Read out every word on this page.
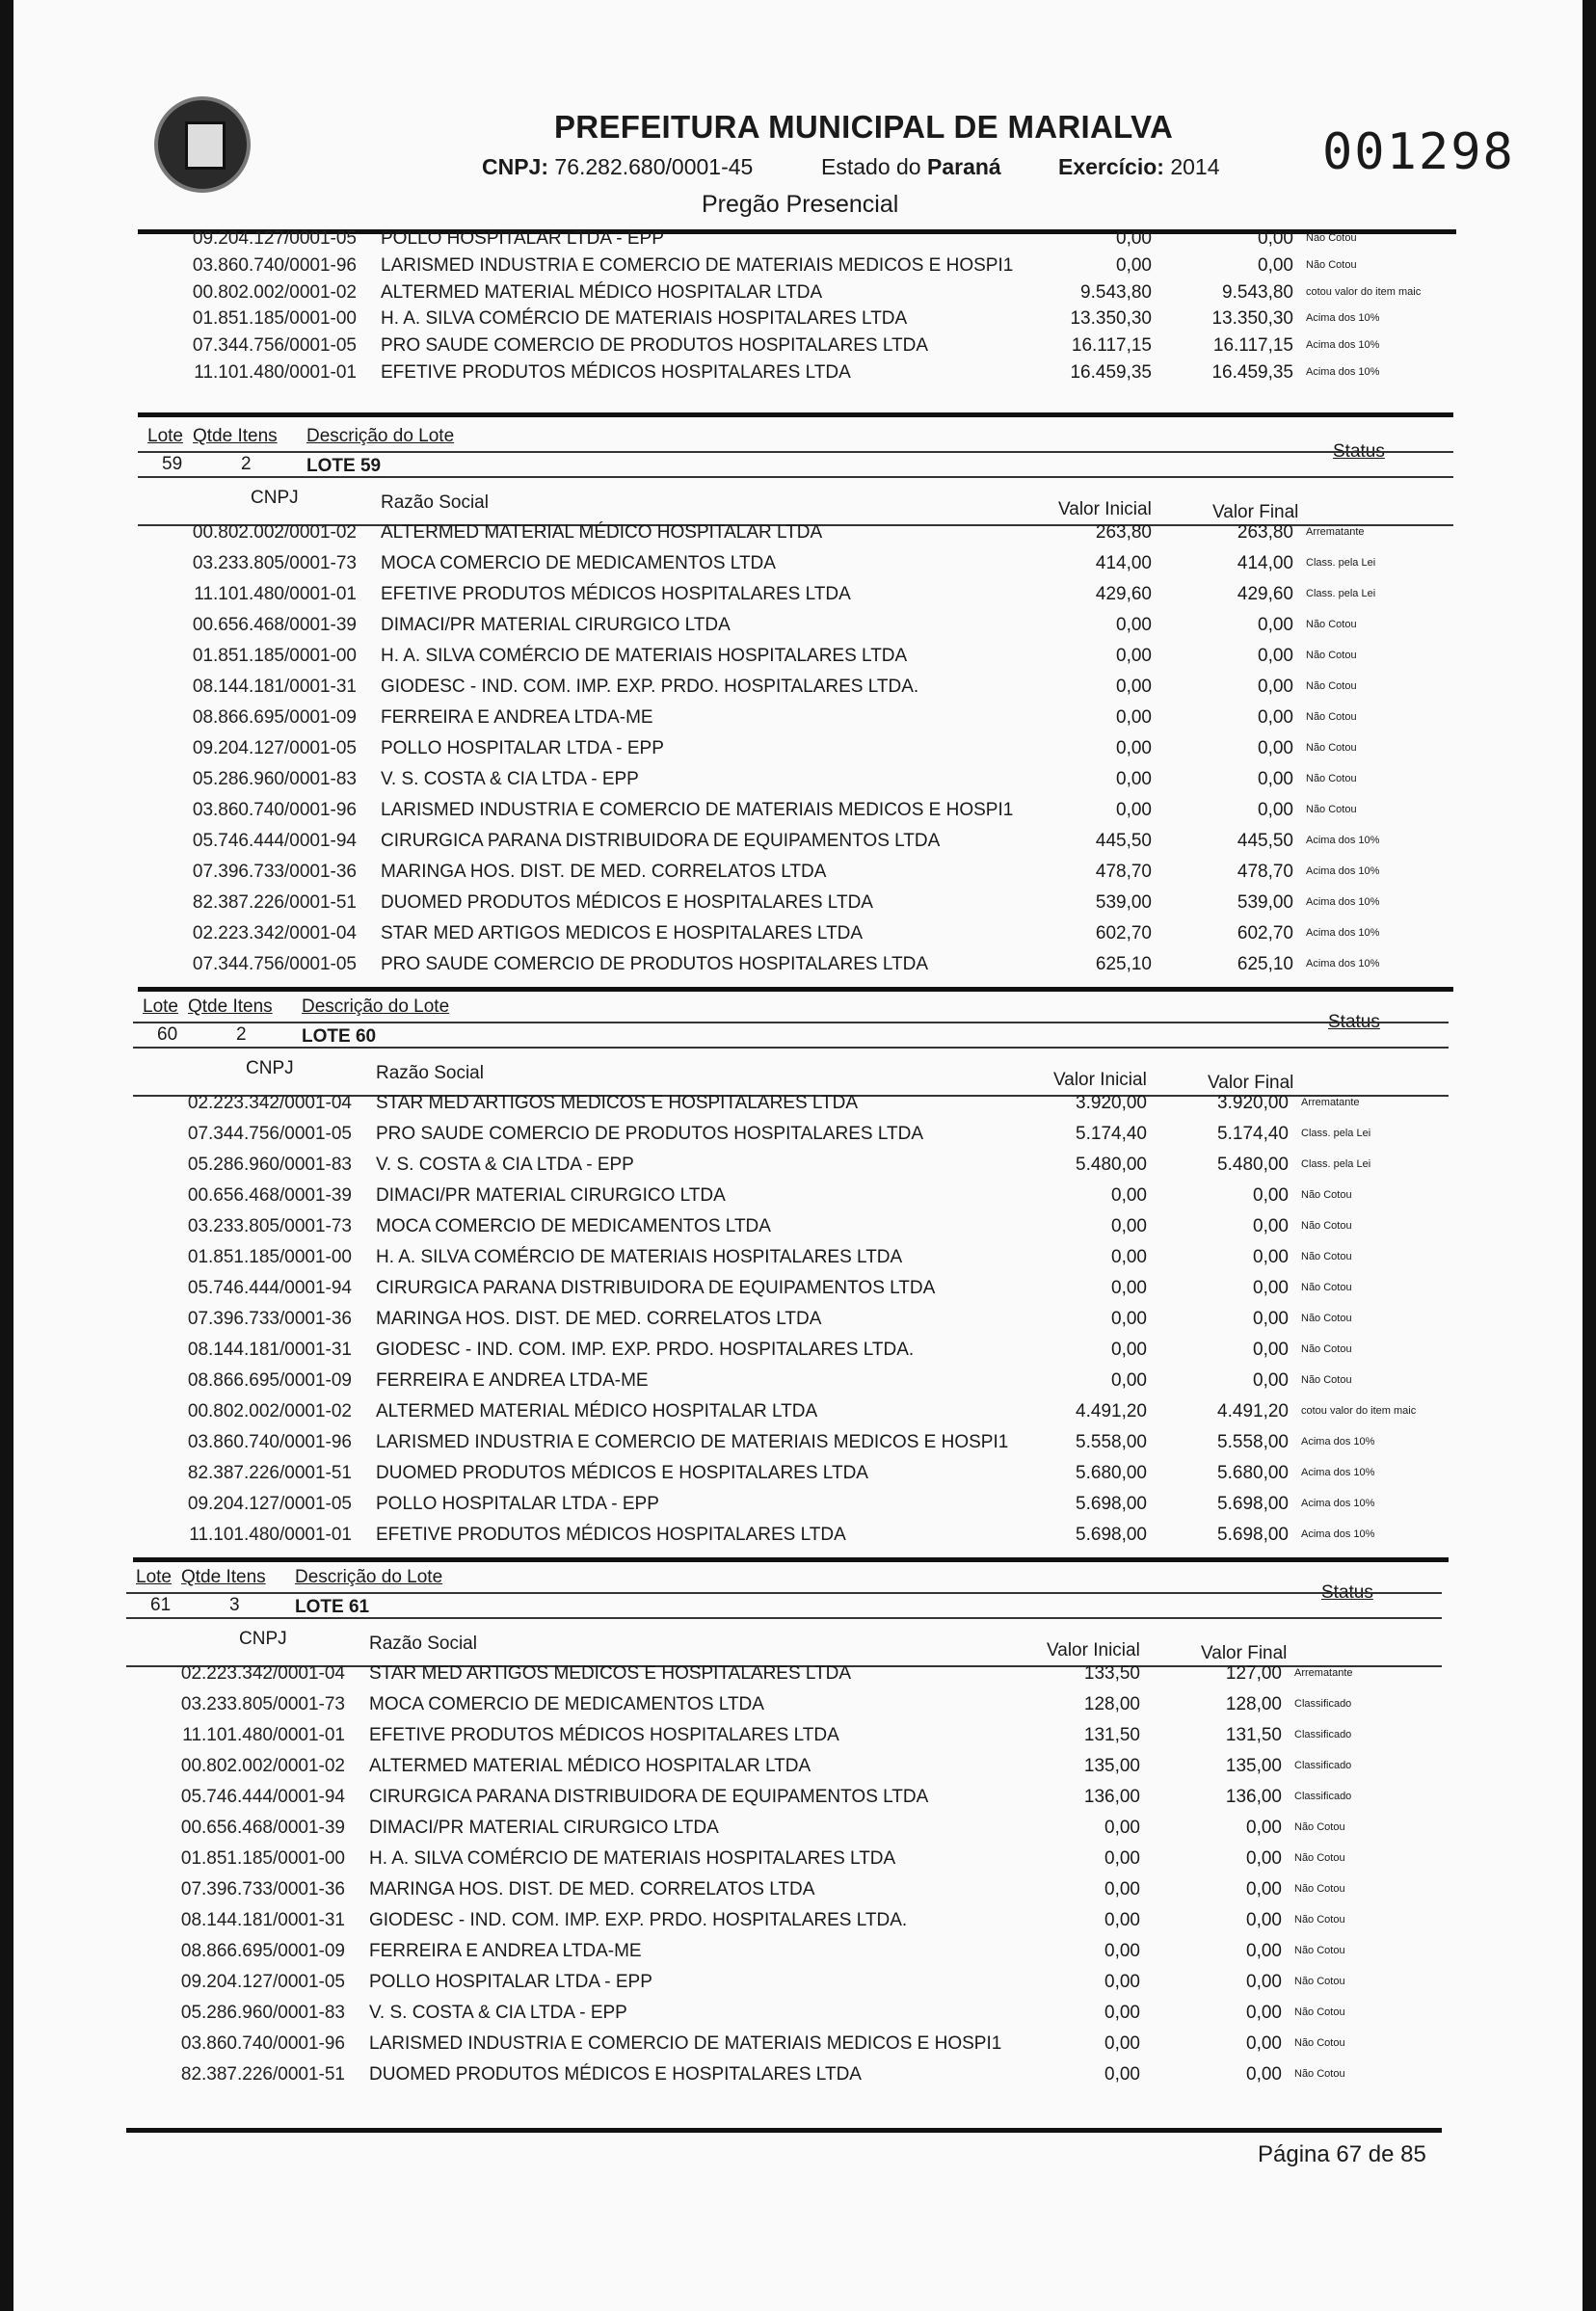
PREFEITURA MUNICIPAL DE MARIALVA
CNPJ: 76.282.680/0001-45	Estado do Paraná	Exercício: 2014 001298
Pregão Presencial
09.204.127/0001-05 POLLO HOSPITALAR LTDA - EPP	0,00	0,00 Não Cotou
03.860.740/0001-96 LARISMED INDUSTRIA E COMERCIO DE MATERIAIS MEDICOS E HOSPI1	0,00	0,00 Não Cotou
00.802.002/0001-02 ALTERMED MATERIAL MÉDICO HOSPITALAR LTDA	9.543,80	9.543,80 cotou valor do item maic
01.851.185/0001-00 H. A. SILVA COMÉRCIO DE MATERIAIS HOSPITALARES LTDA	13.350,30	13.350,30 Acima dos 10%
07.344.756/0001-05 PRO SAUDE COMERCIO DE PRODUTOS HOSPITALARES LTDA	16.117,15	16.117,15 Acima dos 10%
11.101.480/0001-01 EFETIVE PRODUTOS MÉDICOS HOSPITALARES LTDA	16.459,35	16.459,35 Acima dos 10%
Lote Qtde Itens Descrição do Lote
Status
59	2	LOTE 59
CNPJ	Razão Social	Valor Inicial	Valor Final
00.802.002/0001-02 ALTERMED MATERIAL MÉDICO HOSPITALAR LTDA	263,80	263,80 Arrematante
03.233.805/0001-73 MOCA COMERCIO DE MEDICAMENTOS LTDA	414,00	414,00 Class. pela Lei
11.101.480/0001-01 EFETIVE PRODUTOS MÉDICOS HOSPITALARES LTDA	429,60	429,60 Class. pela Lei
00.656.468/0001-39 DIMACI/PR MATERIAL CIRURGICO LTDA	0,00	0,00 Não Cotou
01.851.185/0001-00 H. A. SILVA COMÉRCIO DE MATERIAIS HOSPITALARES LTDA	0,00	0,00 Não Cotou
08.144.181/0001-31 GIODESC - IND. COM. IMP. EXP. PRDO. HOSPITALARES LTDA.	0,00	0,00 Não Cotou
08.866.695/0001-09 FERREIRA E ANDREA LTDA-ME	0,00	0,00 Não Cotou
09.204.127/0001-05 POLLO HOSPITALAR LTDA - EPP	0,00	0,00 Não Cotou
05.286.960/0001-83 V. S. COSTA & CIA LTDA - EPP	0,00	0,00 Não Cotou
03.860.740/0001-96 LARISMED INDUSTRIA E COMERCIO DE MATERIAIS MEDICOS E HOSPI1	0,00	0,00 Não Cotou
05.746.444/0001-94 CIRURGICA PARANA DISTRIBUIDORA DE EQUIPAMENTOS LTDA	445,50	445,50 Acima dos 10%
07.396.733/0001-36 MARINGA HOS. DIST. DE MED. CORRELATOS LTDA	478,70	478,70 Acima dos 10%
82.387.226/0001-51 DUOMED PRODUTOS MÉDICOS E HOSPITALARES LTDA	539,00	539,00 Acima dos 10%
02.223.342/0001-04 STAR MED ARTIGOS MEDICOS E HOSPITALARES LTDA	602,70	602,70 Acima dos 10%
07.344.756/0001-05 PRO SAUDE COMERCIO DE PRODUTOS HOSPITALARES LTDA	625,10	625,10 Acima dos 10%
Lote Qtde Itens Descrição do Lote
Status
60	2	LOTE 60
CNPJ	Razão Social	Valor Inicial	Valor Final
02.223.342/0001-04 STAR MED ARTIGOS MEDICOS E HOSPITALARES LTDA	3.920,00	3.920,00 Arrematante
07.344.756/0001-05 PRO SAUDE COMERCIO DE PRODUTOS HOSPITALARES LTDA	5.174,40	5.174,40 Class. pela Lei
05.286.960/0001-83 V. S. COSTA & CIA LTDA - EPP	5.480,00	5.480,00 Class. pela Lei
00.656.468/0001-39 DIMACI/PR MATERIAL CIRURGICO LTDA	0,00	0,00 Não Cotou
03.233.805/0001-73 MOCA COMERCIO DE MEDICAMENTOS LTDA	0,00	0,00 Não Cotou
01.851.185/0001-00 H. A. SILVA COMÉRCIO DE MATERIAIS HOSPITALARES LTDA	0,00	0,00 Não Cotou
05.746.444/0001-94 CIRURGICA PARANA DISTRIBUIDORA DE EQUIPAMENTOS LTDA	0,00	0,00 Não Cotou
07.396.733/0001-36 MARINGA HOS. DIST. DE MED. CORRELATOS LTDA	0,00	0,00 Não Cotou
08.144.181/0001-31 GIODESC - IND. COM. IMP. EXP. PRDO. HOSPITALARES LTDA.	0,00	0,00 Não Cotou
08.866.695/0001-09 FERREIRA E ANDREA LTDA-ME	0,00	0,00 Não Cotou
00.802.002/0001-02 ALTERMED MATERIAL MÉDICO HOSPITALAR LTDA	4.491,20	4.491,20 cotou valor do item maic
03.860.740/0001-96 LARISMED INDUSTRIA E COMERCIO DE MATERIAIS MEDICOS E HOSPI1	5.558,00	5.558,00 Acima dos 10%
82.387.226/0001-51 DUOMED PRODUTOS MÉDICOS E HOSPITALARES LTDA	5.680,00	5.680,00 Acima dos 10%
09.204.127/0001-05 POLLO HOSPITALAR LTDA - EPP	5.698,00	5.698,00 Acima dos 10%
11.101.480/0001-01 EFETIVE PRODUTOS MÉDICOS HOSPITALARES LTDA	5.698,00	5.698,00 Acima dos 10%
Lote Qtde Itens Descrição do Lote
Status
61	3	LOTE 61
CNPJ	Razão Social	Valor Inicial	Valor Final
02.223.342/0001-04 STAR MED ARTIGOS MEDICOS E HOSPITALARES LTDA	133,50	127,00 Arrematante
03.233.805/0001-73 MOCA COMERCIO DE MEDICAMENTOS LTDA	128,00	128,00 Classificado
11.101.480/0001-01 EFETIVE PRODUTOS MÉDICOS HOSPITALARES LTDA	131,50	131,50 Classificado
00.802.002/0001-02 ALTERMED MATERIAL MÉDICO HOSPITALAR LTDA	135,00	135,00 Classificado
05.746.444/0001-94 CIRURGICA PARANA DISTRIBUIDORA DE EQUIPAMENTOS LTDA	136,00	136,00 Classificado
00.656.468/0001-39 DIMACI/PR MATERIAL CIRURGICO LTDA	0,00	0,00 Não Cotou
01.851.185/0001-00 H. A. SILVA COMÉRCIO DE MATERIAIS HOSPITALARES LTDA	0,00	0,00 Não Cotou
07.396.733/0001-36 MARINGA HOS. DIST. DE MED. CORRELATOS LTDA	0,00	0,00 Não Cotou
08.144.181/0001-31 GIODESC - IND. COM. IMP. EXP. PRDO. HOSPITALARES LTDA.	0,00	0,00 Não Cotou
08.866.695/0001-09 FERREIRA E ANDREA LTDA-ME	0,00	0,00 Não Cotou
09.204.127/0001-05 POLLO HOSPITALAR LTDA - EPP	0,00	0,00 Não Cotou
05.286.960/0001-83 V. S. COSTA & CIA LTDA - EPP	0,00	0,00 Não Cotou
03.860.740/0001-96 LARISMED INDUSTRIA E COMERCIO DE MATERIAIS MEDICOS E HOSPI1	0,00	0,00 Não Cotou
82.387.226/0001-51 DUOMED PRODUTOS MÉDICOS E HOSPITALARES LTDA	0,00	0,00 Não Cotou
Página 67 de 85
